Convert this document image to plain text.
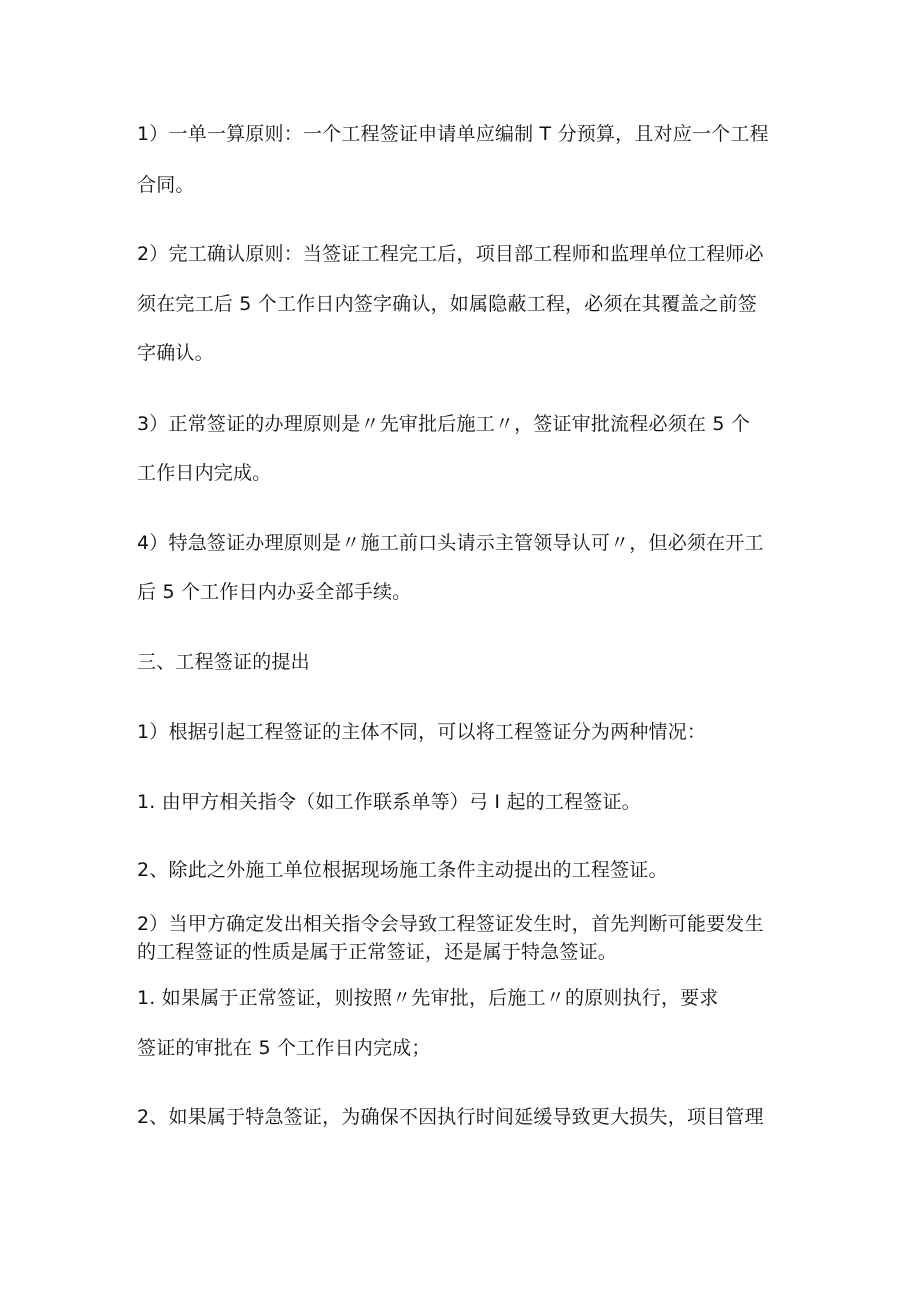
1）一单一算原则：一个工程签证申请单应编制 T 分预算，且对应一个工程
合同。
2）完工确认原则：当签证工程完工后，项目部工程师和监理单位工程师必
须在完工后 5 个工作日内签字确认，如属隐蔽工程，必须在其覆盖之前签
字确认。
3）正常签证的办理原则是〃先审批后施工〃，签证审批流程必须在 5 个
工作日内完成。
4）特急签证办理原则是〃施工前口头请示主管领导认可〃，但必须在开工
后 5 个工作日内办妥全部手续。
三、工程签证的提出
1）根据引起工程签证的主体不同，可以将工程签证分为两种情况：
1. 由甲方相关指令（如工作联系单等）弓 I 起的工程签证。
2、除此之外施工单位根据现场施工条件主动提出的工程签证。
2）当甲方确定发出相关指令会导致工程签证发生时，首先判断可能要发生
的工程签证的性质是属于正常签证，还是属于特急签证。
1. 如果属于正常签证，则按照〃先审批，后施工〃的原则执行，要求
签证的审批在 5 个工作日内完成；
2、如果属于特急签证，为确保不因执行时间延缓导致更大损失，项目管理
